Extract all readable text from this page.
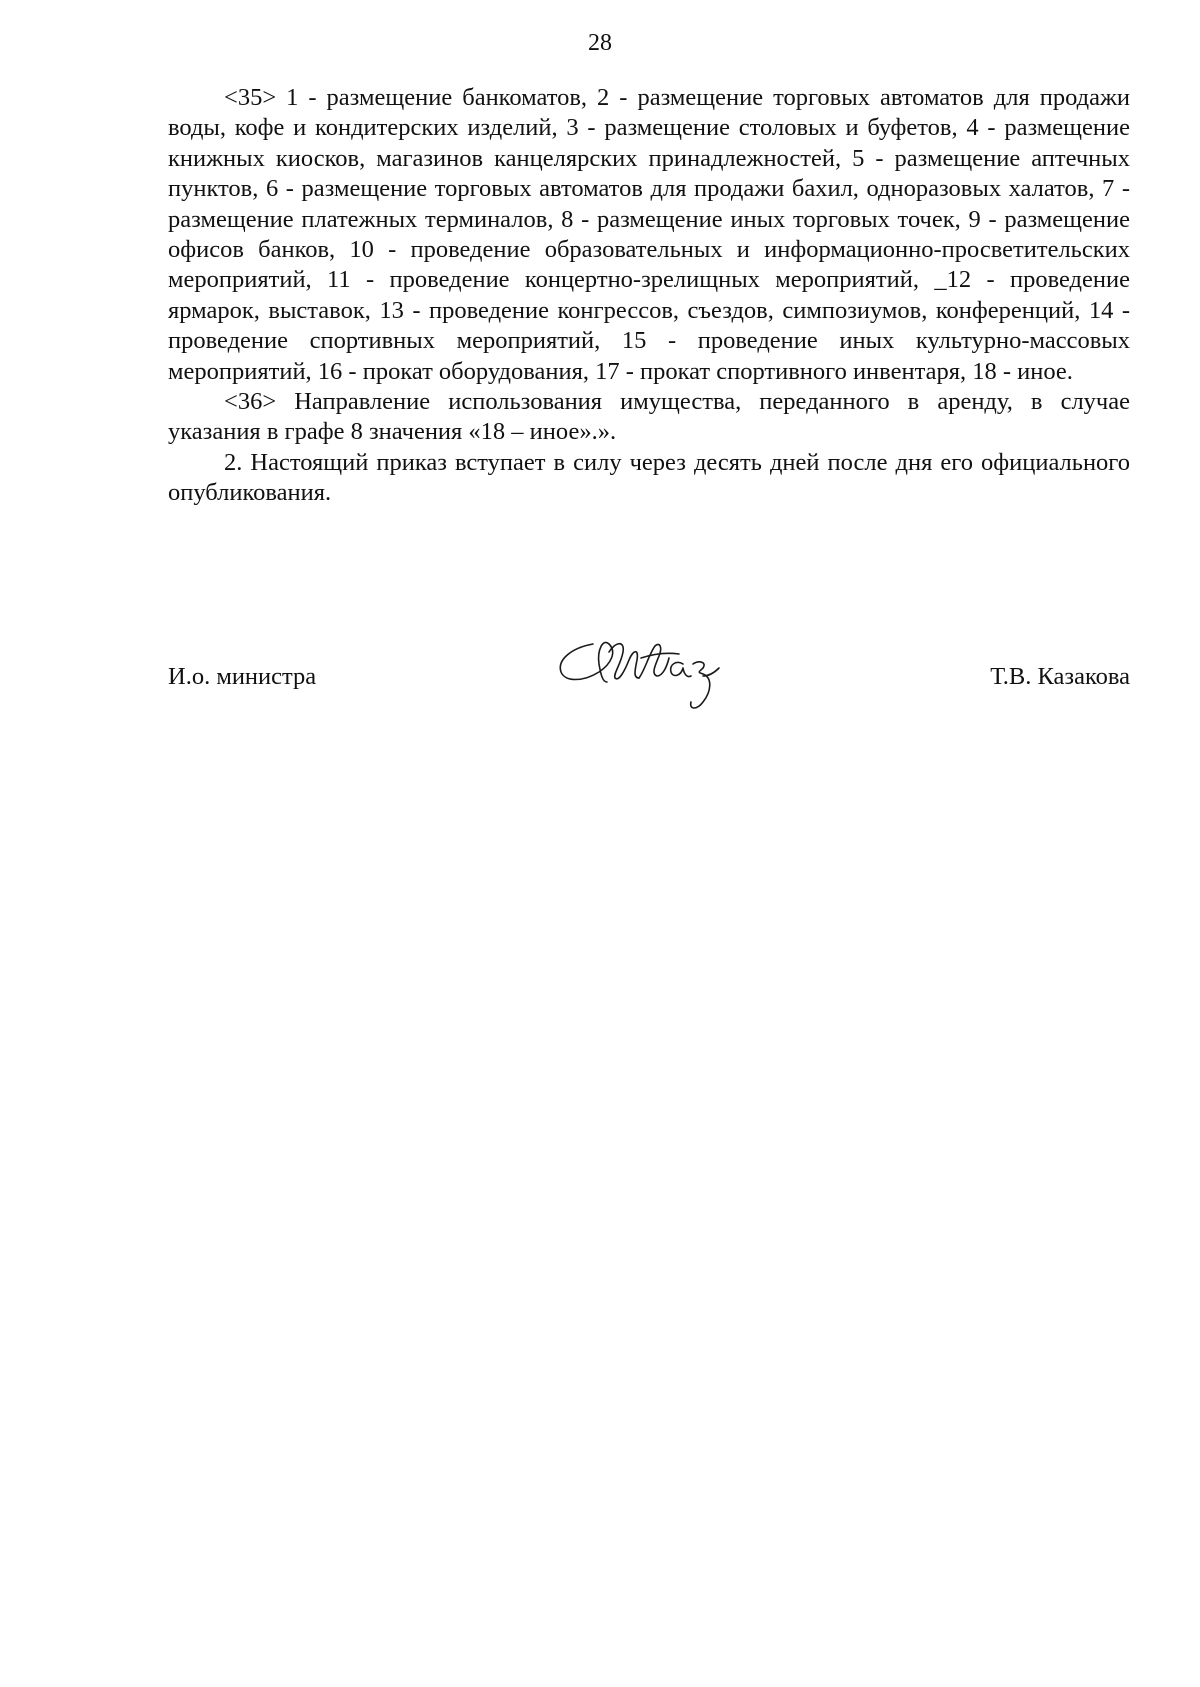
28

<35> 1 - размещение банкоматов, 2 - размещение торговых автоматов для продажи воды, кофе и кондитерских изделий, 3 - размещение столовых и буфетов, 4 - размещение книжных киосков, магазинов канцелярских принадлежностей, 5 - размещение аптечных пунктов, 6 - размещение торговых автоматов для продажи бахил, одноразовых халатов, 7 - размещение платежных терминалов, 8 - размещение иных торговых точек, 9 - размещение офисов банков, 10 - проведение образовательных и информационно-просветительских мероприятий, 11 - проведение концертно-зрелищных мероприятий, _12 - проведение ярмарок, выставок, 13 - проведение конгрессов, съездов, симпозиумов, конференций, 14 - проведение спортивных мероприятий, 15 - проведение иных культурно-массовых мероприятий, 16 - прокат оборудования, 17 - прокат спортивного инвентаря, 18 - иное.

<36> Направление использования имущества, переданного в аренду, в случае указания в графе 8 значения «18 – иное».».

2. Настоящий приказ вступает в силу через десять дней после дня его официального опубликования.

И.о. министра	Т.В. Казакова
